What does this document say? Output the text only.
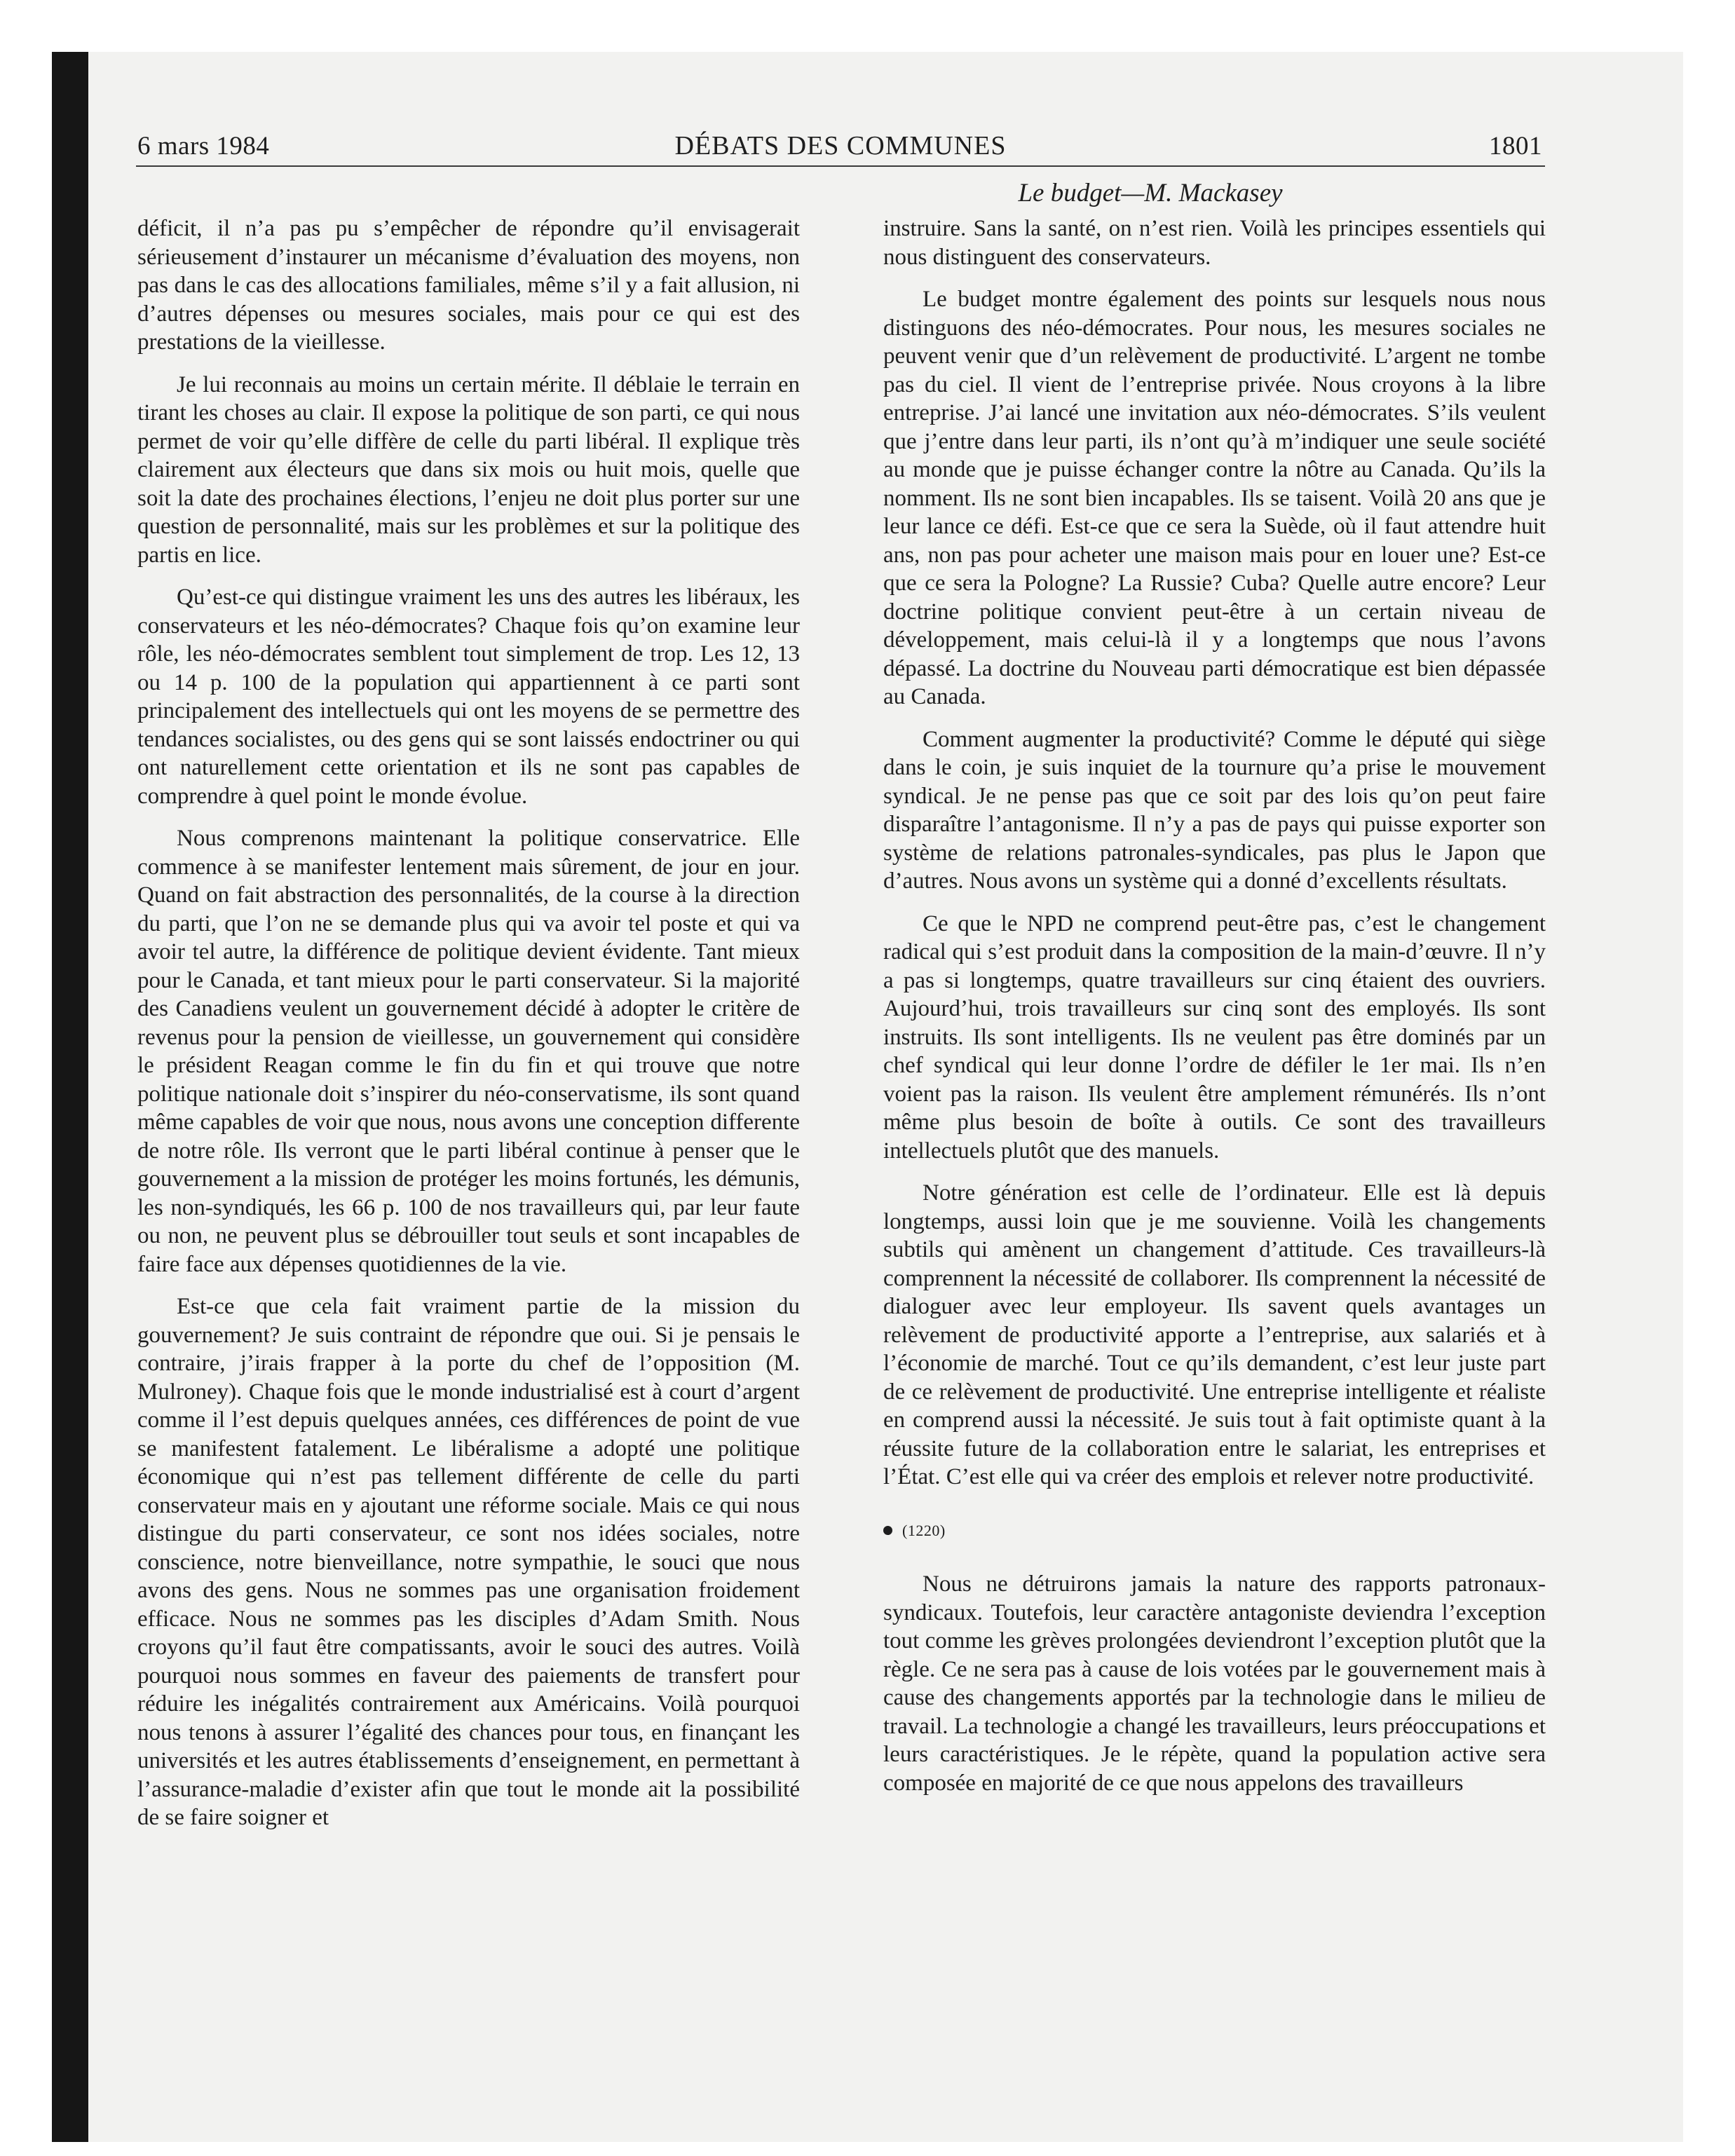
6 mars 1984	DÉBATS DES COMMUNES	1801
Le budget—M. Mackasey

déficit, il n’a pas pu s’empêcher de répondre qu’il envisagerait sérieusement d’instaurer un mécanisme d’évaluation des moyens, non pas dans le cas des allocations familiales, même s’il y a fait allusion, ni d’autres dépenses ou mesures sociales, mais pour ce qui est des prestations de la vieillesse.

Je lui reconnais au moins un certain mérite. Il déblaie le terrain en tirant les choses au clair. Il expose la politique de son parti, ce qui nous permet de voir qu’elle diffère de celle du parti libéral. Il explique très clairement aux électeurs que dans six mois ou huit mois, quelle que soit la date des prochaines élections, l’enjeu ne doit plus porter sur une question de personnalité, mais sur les problèmes et sur la politique des partis en lice.

Qu’est-ce qui distingue vraiment les uns des autres les libéraux, les conservateurs et les néo-démocrates? Chaque fois qu’on examine leur rôle, les néo-démocrates semblent tout simplement de trop. Les 12, 13 ou 14 p. 100 de la population qui appartiennent à ce parti sont principalement des intellectuels qui ont les moyens de se permettre des tendances socialistes, ou des gens qui se sont laissés endoctriner ou qui ont naturellement cette orientation et ils ne sont pas capables de comprendre à quel point le monde évolue.

Nous comprenons maintenant la politique conservatrice. Elle commence à se manifester lentement mais sûrement, de jour en jour. Quand on fait abstraction des personnalités, de la course à la direction du parti, que l’on ne se demande plus qui va avoir tel poste et qui va avoir tel autre, la différence de politique devient évidente. Tant mieux pour le Canada, et tant mieux pour le parti conservateur. Si la majorité des Canadiens veulent un gouvernement décidé à adopter le critère de revenus pour la pension de vieillesse, un gouvernement qui considère le président Reagan comme le fin du fin et qui trouve que notre politique nationale doit s’inspirer du néo-conservatisme, ils sont quand même capables de voir que nous, nous avons une conception differente de notre rôle. Ils verront que le parti libéral continue à penser que le gouvernement a la mission de protéger les moins fortunés, les démunis, les non-syndiqués, les 66 p. 100 de nos travailleurs qui, par leur faute ou non, ne peuvent plus se débrouiller tout seuls et sont incapables de faire face aux dépenses quotidiennes de la vie.

Est-ce que cela fait vraiment partie de la mission du gouvernement? Je suis contraint de répondre que oui. Si je pensais le contraire, j’irais frapper à la porte du chef de l’opposition (M. Mulroney). Chaque fois que le monde industrialisé est à court d’argent comme il l’est depuis quelques années, ces différences de point de vue se manifestent fatalement. Le libéralisme a adopté une politique économique qui n’est pas tellement différente de celle du parti conservateur mais en y ajoutant une réforme sociale. Mais ce qui nous distingue du parti conservateur, ce sont nos idées sociales, notre conscience, notre bienveillance, notre sympathie, le souci que nous avons des gens. Nous ne sommes pas une organisation froidement efficace. Nous ne sommes pas les disciples d’Adam Smith. Nous croyons qu’il faut être compatissants, avoir le souci des autres. Voilà pourquoi nous sommes en faveur des paiements de transfert pour réduire les inégalités contrairement aux Américains. Voilà pourquoi nous tenons à assurer l’égalité des chances pour tous, en finançant les universités et les autres établissements d’enseignement, en permettant à l’assurance-maladie d’exister afin que tout le monde ait la possibilité de se faire soigner et

instruire. Sans la santé, on n’est rien. Voilà les principes essentiels qui nous distinguent des conservateurs.

Le budget montre également des points sur lesquels nous nous distinguons des néo-démocrates. Pour nous, les mesures sociales ne peuvent venir que d’un relèvement de productivité. L’argent ne tombe pas du ciel. Il vient de l’entreprise privée. Nous croyons à la libre entreprise. J’ai lancé une invitation aux néo-démocrates. S’ils veulent que j’entre dans leur parti, ils n’ont qu’à m’indiquer une seule société au monde que je puisse échanger contre la nôtre au Canada. Qu’ils la nomment. Ils ne sont bien incapables. Ils se taisent. Voilà 20 ans que je leur lance ce défi. Est-ce que ce sera la Suède, où il faut attendre huit ans, non pas pour acheter une maison mais pour en louer une? Est-ce que ce sera la Pologne? La Russie? Cuba? Quelle autre encore? Leur doctrine politique convient peut-être à un certain niveau de développement, mais celui-là il y a longtemps que nous l’avons dépassé. La doctrine du Nouveau parti démocratique est bien dépassée au Canada.

Comment augmenter la productivité? Comme le député qui siège dans le coin, je suis inquiet de la tournure qu’a prise le mouvement syndical. Je ne pense pas que ce soit par des lois qu’on peut faire disparaître l’antagonisme. Il n’y a pas de pays qui puisse exporter son système de relations patronales-syndicales, pas plus le Japon que d’autres. Nous avons un système qui a donné d’excellents résultats.

Ce que le NPD ne comprend peut-être pas, c’est le changement radical qui s’est produit dans la composition de la main-d’œuvre. Il n’y a pas si longtemps, quatre travailleurs sur cinq étaient des ouvriers. Aujourd’hui, trois travailleurs sur cinq sont des employés. Ils sont instruits. Ils sont intelligents. Ils ne veulent pas être dominés par un chef syndical qui leur donne l’ordre de défiler le 1er mai. Ils n’en voient pas la raison. Ils veulent être amplement rémunérés. Ils n’ont même plus besoin de boîte à outils. Ce sont des travailleurs intellectuels plutôt que des manuels.

Notre génération est celle de l’ordinateur. Elle est là depuis longtemps, aussi loin que je me souvienne. Voilà les changements subtils qui amènent un changement d’attitude. Ces travailleurs-là comprennent la nécessité de collaborer. Ils comprennent la nécessité de dialoguer avec leur employeur. Ils savent quels avantages un relèvement de productivité apporte a l’entreprise, aux salariés et à l’économie de marché. Tout ce qu’ils demandent, c’est leur juste part de ce relèvement de productivité. Une entreprise intelligente et réaliste en comprend aussi la nécessité. Je suis tout à fait optimiste quant à la réussite future de la collaboration entre le salariat, les entreprises et l’État. C’est elle qui va créer des emplois et relever notre productivité.

(1220)

Nous ne détruirons jamais la nature des rapports patronaux-syndicaux. Toutefois, leur caractère antagoniste deviendra l’exception tout comme les grèves prolongées deviendront l’exception plutôt que la règle. Ce ne sera pas à cause de lois votées par le gouvernement mais à cause des changements apportés par la technologie dans le milieu de travail. La technologie a changé les travailleurs, leurs préoccupations et leurs caractéristiques. Je le répète, quand la population active sera composée en majorité de ce que nous appelons des travailleurs
